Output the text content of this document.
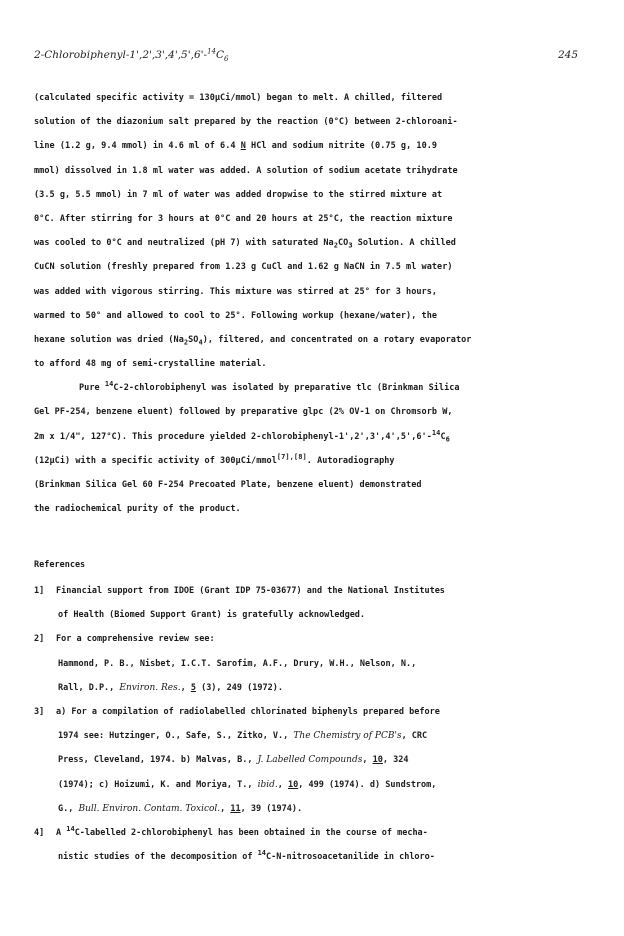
$2-Chlorobiphenyl-1',2',3',4',5',6'-^{14}C_6$	245
(calculated specific activity = 130μCi/mmol) began to melt. A chilled, filtered
solution of the diazonium salt prepared by the reaction (0°C) between 2-chloroani-
line (1.2 g, 9.4 mmol) in 4.6 ml of 6.4 N HCl and sodium nitrite (0.75 g, 10.9
mmol) dissolved in 1.8 ml water was added. A solution of sodium acetate trihydrate
(3.5 g, 5.5 mmol) in 7 ml of water was added dropwise to the stirred mixture at
0°C. After stirring for 3 hours at 0°C and 20 hours at 25°C, the reaction mixture
was cooled to 0°C and neutralized (pH 7) with saturated $Na_2CO_3$ Solution. A chilled
CuCN solution (freshly prepared from 1.23 g CuCl and 1.62 g NaCN in 7.5 ml water)
was added with vigorous stirring. This mixture was stirred at 25° for 3 hours,
warmed to 50° and allowed to cool to 25°. Following workup (hexane/water), the
hexane solution was dried $(Na_2SO_4)$, filtered, and concentrated on a rotary evaporator
to afford 48 mg of semi-crystalline material.
Pure $^{14}$C-2-chlorobiphenyl was isolated by preparative tlc (Brinkman Silica
Gel PF-254, benzene eluent) followed by preparative glpc (2% OV-1 on Chromsorb W,
2m x 1/4", 127°C). This procedure yielded $2-chlorobiphenyl-1',2',3',4',5',6'-^{14}C_6$
(12μCi) with a specific activity of 300μCi/mmol[7],[8]. Autoradiography
(Brinkman Silica Gel 60 F-254 Precoated Plate, benzene eluent) demonstrated
the radiochemical purity of the product.
References
1] Financial support from IDOE (Grant IDP 75-03677) and the National Institutes
of Health (Biomed Support Grant) is gratefully acknowledged.
2] For a comprehensive review see:
Hammond, P. B., Nisbet, I.C.T. Sarofim, A.F., Drury, W.H., Nelson, N.,
Rall, D.P., Environ. Res., 5 (3), 249 (1972).
3] a) For a compilation of radiolabelled chlorinated biphenyls prepared before
1974 see: Hutzinger, O., Safe, S., Zitko, V., The Chemistry of PCB's, CRC
Press, Cleveland, 1974. b) Malvas, B., J. Labelled Compounds, 10, 324
(1974); c) Hoizumi, K. and Moriya, T., ibid., 10, 499 (1974). d) Sundstrom,
G., Bull. Environ. Contam. Toxicol., 11, 39 (1974).
4] A $^{14}$C-labelled 2-chlorobiphenyl has been obtained in the course of mecha-
nistic studies of the decomposition of $^{14}$C-N-nitrosoacetanilide in chloro-
